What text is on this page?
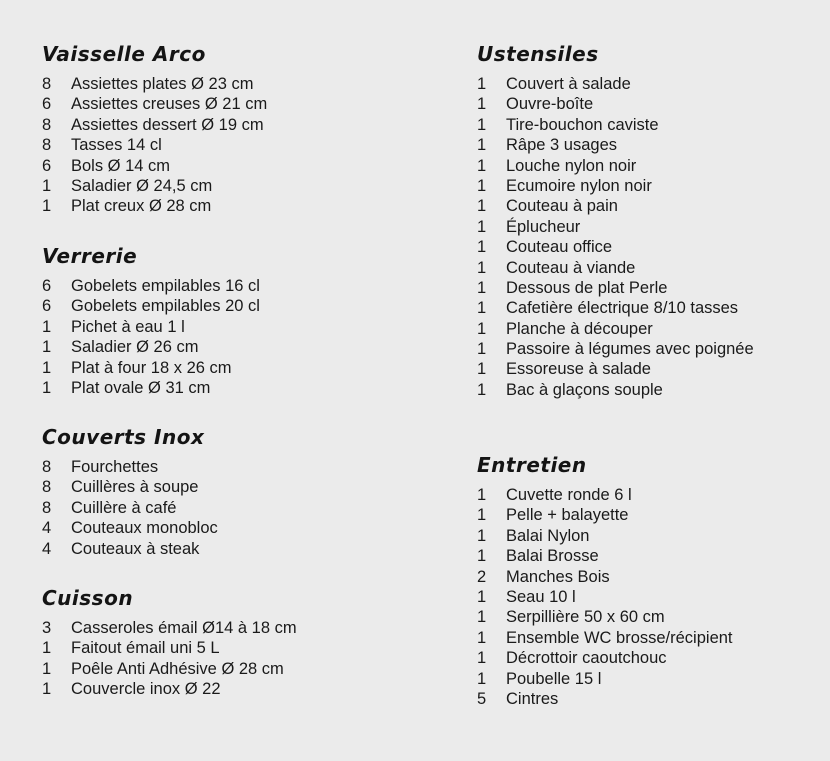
Vaisselle Arco
8	Assiettes plates Ø 23 cm
6	Assiettes creuses Ø 21 cm
8	Assiettes dessert Ø 19 cm
8	Tasses 14 cl
6	Bols Ø 14 cm
1	Saladier Ø 24,5 cm
1	Plat creux Ø 28 cm
Verrerie
6	Gobelets empilables 16 cl
6	Gobelets empilables 20 cl
1	Pichet à eau 1 l
1	Saladier Ø 26 cm
1	Plat à four 18 x 26 cm
1	Plat ovale Ø 31 cm
Couverts Inox
8	Fourchettes
8	Cuillères à soupe
8	Cuillère à café
4	Couteaux monobloc
4	Couteaux à steak
Cuisson
3	Casseroles émail Ø14 à 18 cm
1	Faitout émail uni 5 L
1	Poêle Anti Adhésive Ø 28 cm
1	Couvercle inox Ø 22
Ustensiles
1	Couvert à salade
1	Ouvre-boîte
1	Tire-bouchon caviste
1	Râpe 3 usages
1	Louche nylon noir
1	Ecumoire nylon noir
1	Couteau à pain
1	Éplucheur
1	Couteau office
1	Couteau à viande
1	Dessous de plat Perle
1	Cafetière électrique 8/10 tasses
1	Planche à découper
1	Passoire à légumes avec poignée
1	Essoreuse à salade
1	Bac à glaçons souple
Entretien
1	Cuvette ronde 6 l
1	Pelle + balayette
1	Balai Nylon
1	Balai Brosse
2	Manches Bois
1	Seau 10 l
1	Serpillière 50 x 60 cm
1	Ensemble WC brosse/récipient
1	Décrottoir caoutchouc
1	Poubelle 15 l
5	Cintres
